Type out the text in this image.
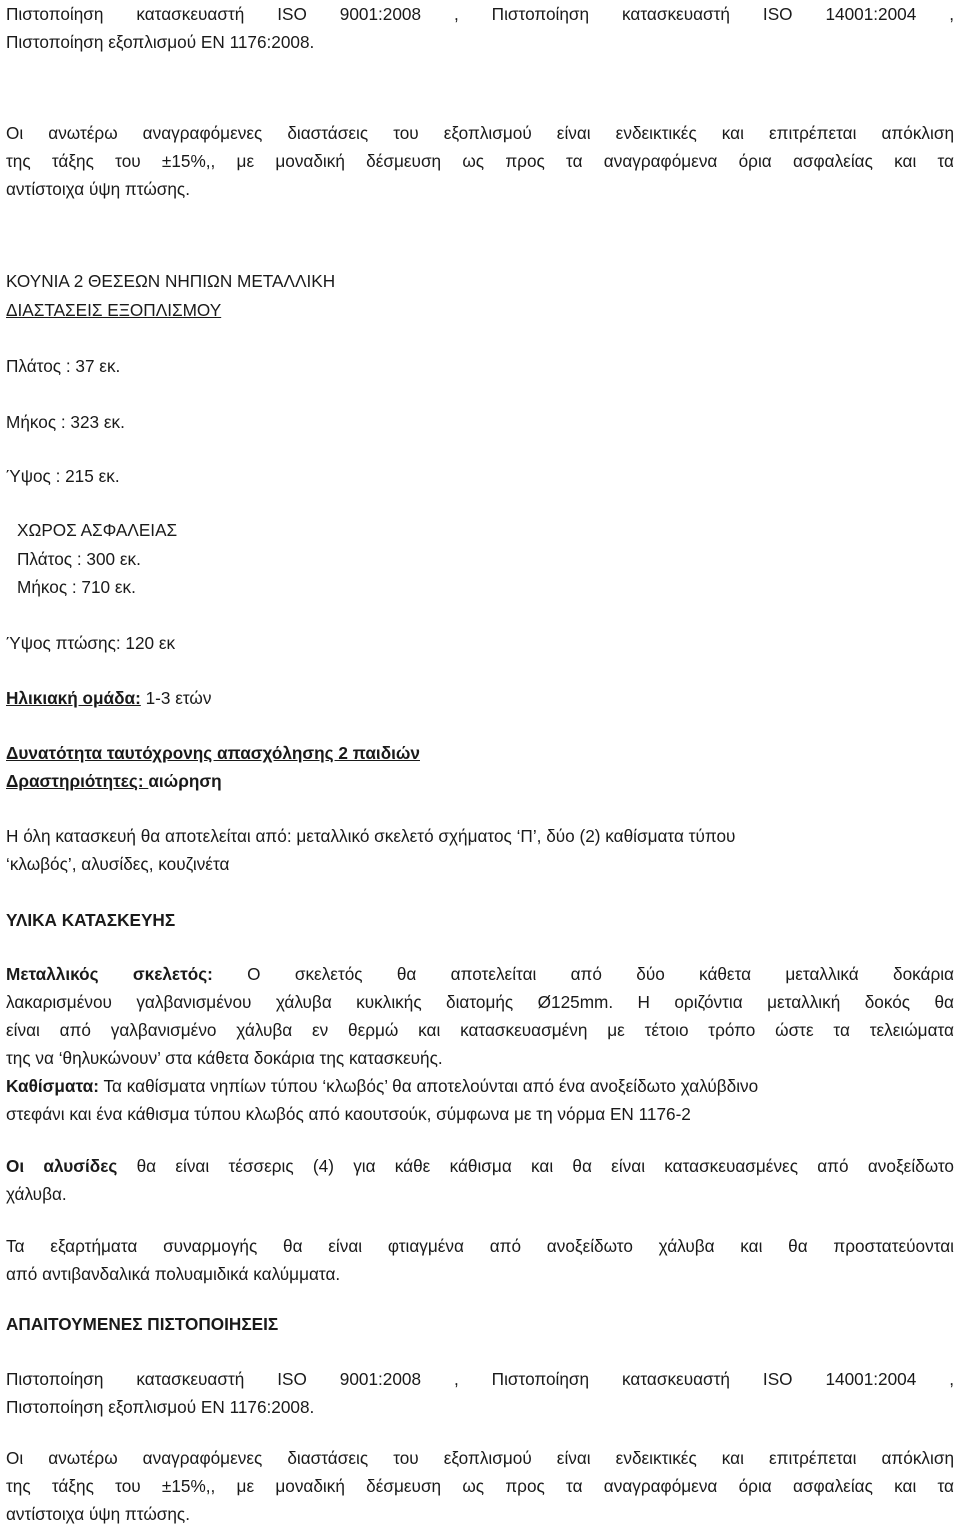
Πιστοποίηση κατασκευαστή ISO 9001:2008 , Πιστοποίηση κατασκευαστή ISO 14001:2004 ,
Πιστοποίηση εξοπλισμού EN 1176:2008.
Οι ανωτέρω αναγραφόμενες διαστάσεις του εξοπλισμού είναι ενδεικτικές και επιτρέπεται απόκλιση
της τάξης του ±15%,, με μοναδική δέσμευση ως προς τα αναγραφόμενα όρια ασφαλείας και τα
αντίστοιχα ύψη πτώσης.
ΚΟΥΝΙΑ 2 ΘΕΣΕΩΝ ΝΗΠΙΩΝ ΜΕΤΑΛΛΙΚΗ
ΔΙΑΣΤΑΣΕΙΣ ΕΞΟΠΛΙΣΜΟΥ
Πλάτος : 37 εκ.
Μήκος : 323 εκ.
Ύψος : 215 εκ.
ΧΩΡΟΣ ΑΣΦΑΛΕΙΑΣ
Πλάτος : 300 εκ.
Μήκος : 710 εκ.
Ύψος πτώσης: 120 εκ
Ηλικιακή ομάδα: 1-3 ετών
Δυνατότητα ταυτόχρονης απασχόλησης 2 παιδιών
Δραστηριότητες: αιώρηση
Η όλη κατασκευή θα αποτελείται από: μεταλλικό σκελετό σχήματος ‘Π’, δύο (2) καθίσματα τύπου
‘κλωβός’, αλυσίδες, κουζινέτα
ΥΛΙΚΑ ΚΑΤΑΣΚΕΥΗΣ
Μεταλλικός σκελετός: Ο σκελετός θα αποτελείται από δύο κάθετα μεταλλικά δοκάρια
λακαρισμένου γαλβανισμένου χάλυβα κυκλικής διατομής Ø125mm. Η οριζόντια μεταλλική δοκός θα
είναι από γαλβανισμένο χάλυβα εν θερμώ και κατασκευασμένη με τέτοιο τρόπο ώστε τα τελειώματα
της να ‘θηλυκώνουν’ στα κάθετα δοκάρια της κατασκευής.
Καθίσματα: Τα καθίσματα νηπίων τύπου ‘κλωβός’ θα αποτελούνται από ένα ανοξείδωτο χαλύβδινο
στεφάνι και ένα κάθισμα τύπου κλωβός από καουτσούκ, σύμφωνα με τη νόρμα EN 1176-2
Οι αλυσίδες θα είναι τέσσερις (4) για κάθε κάθισμα και θα είναι κατασκευασμένες από ανοξείδωτο
χάλυβα.
Τα εξαρτήματα συναρμογής θα είναι φτιαγμένα από ανοξείδωτο χάλυβα και θα προστατεύονται
από αντιβανδαλικά πολυαμιδικά καλύμματα.
ΑΠΑΙΤΟΥΜΕΝΕΣ ΠΙΣΤΟΠΟΙΗΣΕΙΣ
Πιστοποίηση κατασκευαστή ISO 9001:2008 , Πιστοποίηση κατασκευαστή ISO 14001:2004 ,
Πιστοποίηση εξοπλισμού EN 1176:2008.
Οι ανωτέρω αναγραφόμενες διαστάσεις του εξοπλισμού είναι ενδεικτικές και επιτρέπεται απόκλιση
της τάξης του ±15%,, με μοναδική δέσμευση ως προς τα αναγραφόμενα όρια ασφαλείας και τα
αντίστοιχα ύψη πτώσης.
